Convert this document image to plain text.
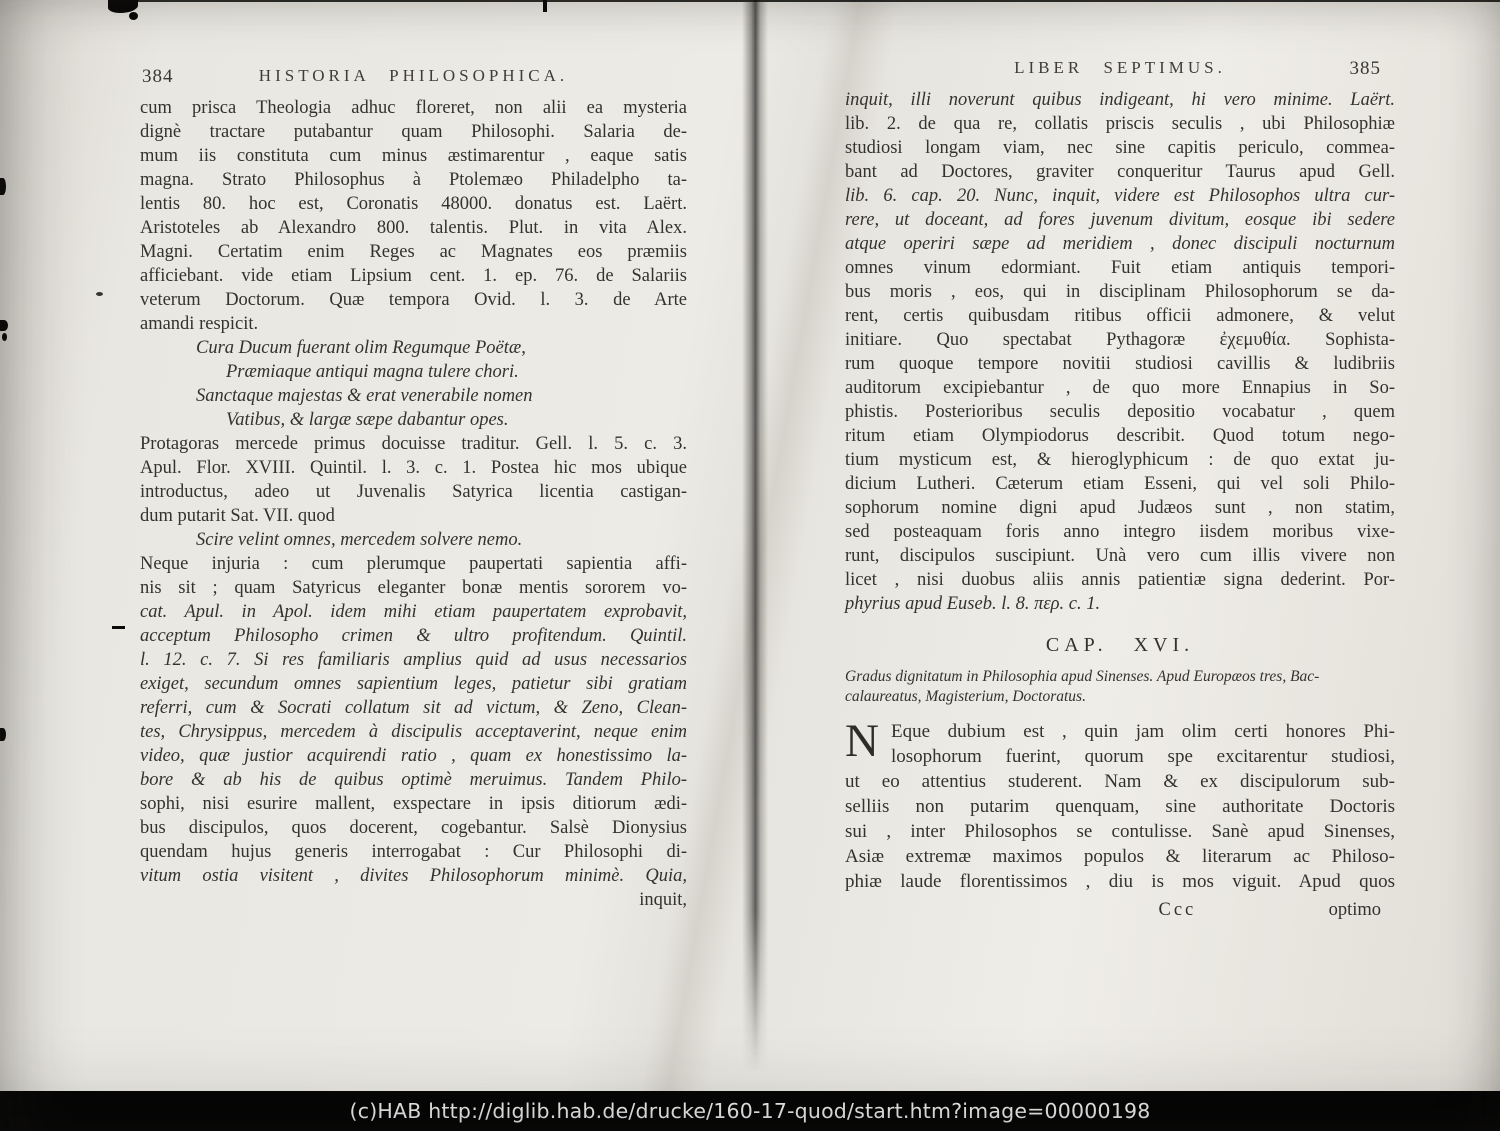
384	HISTORIA PHILOSOPHICA.
cum prisca Theologia adhuc floreret, non alii ea mysteria
dignè tractare putabantur quam Philosophi. Salaria de-
mum iis constituta cum minus æstimarentur , eaque satis
magna. Strato Philosophus à Ptolemæo Philadelpho ta-
lentis 80. hoc est, Coronatis 48000. donatus est. Laërt.
Aristoteles ab Alexandro 800. talentis. Plut. in vita Alex.
Magni. Certatim enim Reges ac Magnates eos præmiis
afficiebant. vide etiam Lipsium cent. 1. ep. 76. de Salariis
veterum Doctorum. Quæ tempora Ovid. l. 3. de Arte
amandi respicit.
Cura Ducum fuerant olim Regumque Poëtæ,
Præmiaque antiqui magna tulere chori.
Sanctaque majestas & erat venerabile nomen
Vatibus, & largæ sæpe dabantur opes.
Protagoras mercede primus docuisse traditur. Gell. l. 5. c. 3.
Apul. Flor. XVIII. Quintil. l. 3. c. 1. Postea hic mos ubique
introductus, adeo ut Juvenalis Satyrica licentia castigan-
dum putarit Sat. VII. quod
Scire velint omnes, mercedem solvere nemo.
Neque injuria : cum plerumque paupertati sapientia affi-
nis sit ; quam Satyricus eleganter bonæ mentis sororem vo-
cat. Apul. in Apol. idem mihi etiam paupertatem exprobavit,
acceptum Philosopho crimen & ultro profitendum. Quintil.
l. 12. c. 7. Si res familiaris amplius quid ad usus necessarios
exiget, secundum omnes sapientium leges, patietur sibi gratiam
referri, cum & Socrati collatum sit ad victum, & Zeno, Clean-
tes, Chrysippus, mercedem à discipulis acceptaverint, neque enim
video, quæ justior acquirendi ratio , quam ex honestissimo la-
bore & ab his de quibus optimè meruimus. Tandem Philo-
sophi, nisi esurire mallent, exspectare in ipsis ditiorum ædi-
bus discipulos, quos docerent, cogebantur. Salsè Dionysius
quendam hujus generis interrogabat : Cur Philosophi di-
vitum ostia visitent , divites Philosophorum minimè. Quia,
inquit,
LIBER SEPTIMUS.	385
inquit, illi noverunt quibus indigeant, hi vero minime. Laërt.
lib. 2. de qua re, collatis priscis seculis , ubi Philosophiæ
studiosi longam viam, nec sine capitis periculo, commea-
bant ad Doctores, graviter conqueritur Taurus apud Gell.
lib. 6. cap. 20. Nunc, inquit, videre est Philosophos ultra cur-
rere, ut doceant, ad fores juvenum divitum, eosque ibi sedere
atque operiri sæpe ad meridiem , donec discipuli nocturnum
omnes vinum edormiant. Fuit etiam antiquis tempori-
bus moris , eos, qui in disciplinam Philosophorum se da-
rent, certis quibusdam ritibus officii admonere, & velut
initiare. Quo spectabat Pythagoræ ἐχεμυθία. Sophista-
rum quoque tempore novitii studiosi cavillis & ludibriis
auditorum excipiebantur , de quo more Ennapius in So-
phistis. Posterioribus seculis depositio vocabatur , quem
ritum etiam Olympiodorus describit. Quod totum nego-
tium mysticum est, & hieroglyphicum : de quo extat ju-
dicium Lutheri. Cæterum etiam Esseni, qui vel soli Philo-
sophorum nomine digni apud Judæos sunt , non statim,
sed posteaquam foris anno integro iisdem moribus vixe-
runt, discipulos suscipiunt. Unà vero cum illis vivere non
licet , nisi duobus aliis annis patientiæ signa dederint. Por-
phyrius apud Euseb. l. 8. περ. c. 1.
CAP. XVI.
Gradus dignitatum in Philosophia apud Sinenses. Apud Europæos tres, Bac-
calaureatus, Magisterium, Doctoratus.
N Eque dubium est , quin jam olim certi honores Phi-
losophorum fuerint, quorum spe excitarentur studiosi,
ut eo attentius studerent. Nam & ex discipulorum sub-
selliis non putarim quenquam, sine authoritate Doctoris
sui , inter Philosophos se contulisse. Sanè apud Sinenses,
Asiæ extremæ maximos populos & literarum ac Philoso-
phiæ laude florentissimos , diu is mos viguit. Apud quos
Ccc	optimo
(c)HAB http://diglib.hab.de/drucke/160-17-quod/start.htm?image=00000198
